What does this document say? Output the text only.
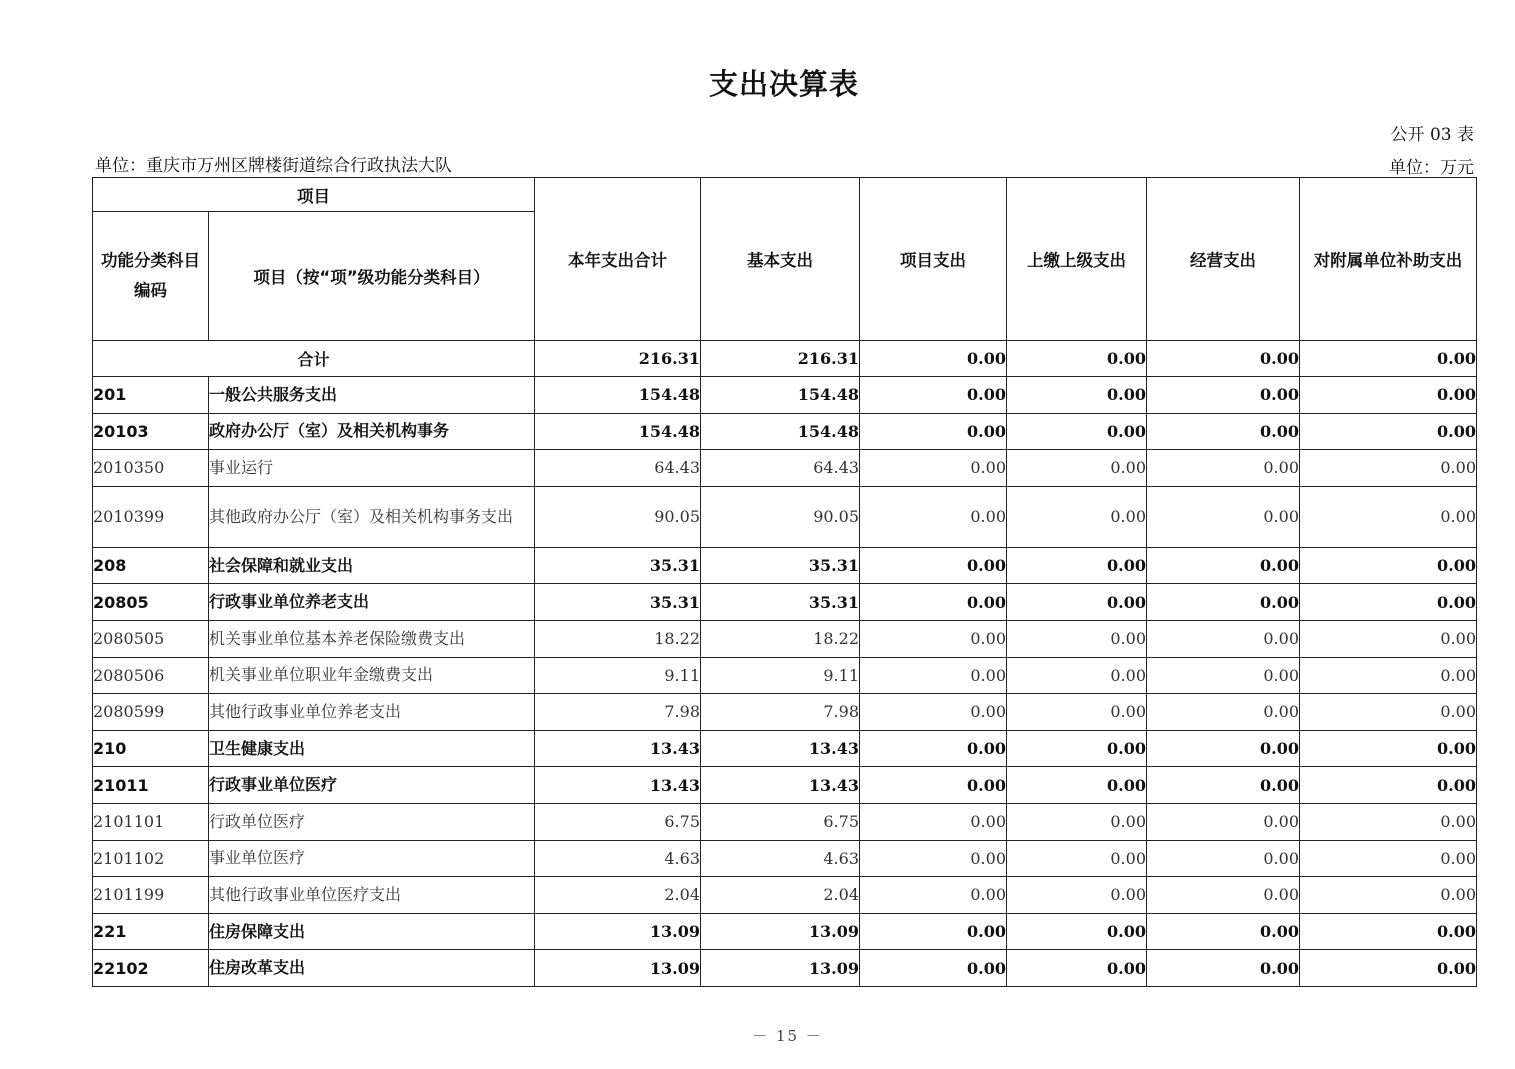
支出决算表
公开 03 表
单位：重庆市万州区牌楼街道综合行政执法大队	单位：万元
项目		本年支出合计	基本支出	项目支出	上缴上级支出	经营支出	对附属单位补助支出
功能分类科目编码	项目（按“项”级功能分类科目）						
合计		216.31	216.31	0.00	0.00	0.00	0.00
201	一般公共服务支出	154.48	154.48	0.00	0.00	0.00	0.00
20103	政府办公厅（室）及相关机构事务	154.48	154.48	0.00	0.00	0.00	0.00
2010350	事业运行	64.43	64.43	0.00	0.00	0.00	0.00
2010399	其他政府办公厅（室）及相关机构事务支出	90.05	90.05	0.00	0.00	0.00	0.00
208	社会保障和就业支出	35.31	35.31	0.00	0.00	0.00	0.00
20805	行政事业单位养老支出	35.31	35.31	0.00	0.00	0.00	0.00
2080505	机关事业单位基本养老保险缴费支出	18.22	18.22	0.00	0.00	0.00	0.00
2080506	机关事业单位职业年金缴费支出	9.11	9.11	0.00	0.00	0.00	0.00
2080599	其他行政事业单位养老支出	7.98	7.98	0.00	0.00	0.00	0.00
210	卫生健康支出	13.43	13.43	0.00	0.00	0.00	0.00
21011	行政事业单位医疗	13.43	13.43	0.00	0.00	0.00	0.00
2101101	行政单位医疗	6.75	6.75	0.00	0.00	0.00	0.00
2101102	事业单位医疗	4.63	4.63	0.00	0.00	0.00	0.00
2101199	其他行政事业单位医疗支出	2.04	2.04	0.00	0.00	0.00	0.00
221	住房保障支出	13.09	13.09	0.00	0.00	0.00	0.00
22102	住房改革支出	13.09	13.09	0.00	0.00	0.00	0.00
－ 15 －
